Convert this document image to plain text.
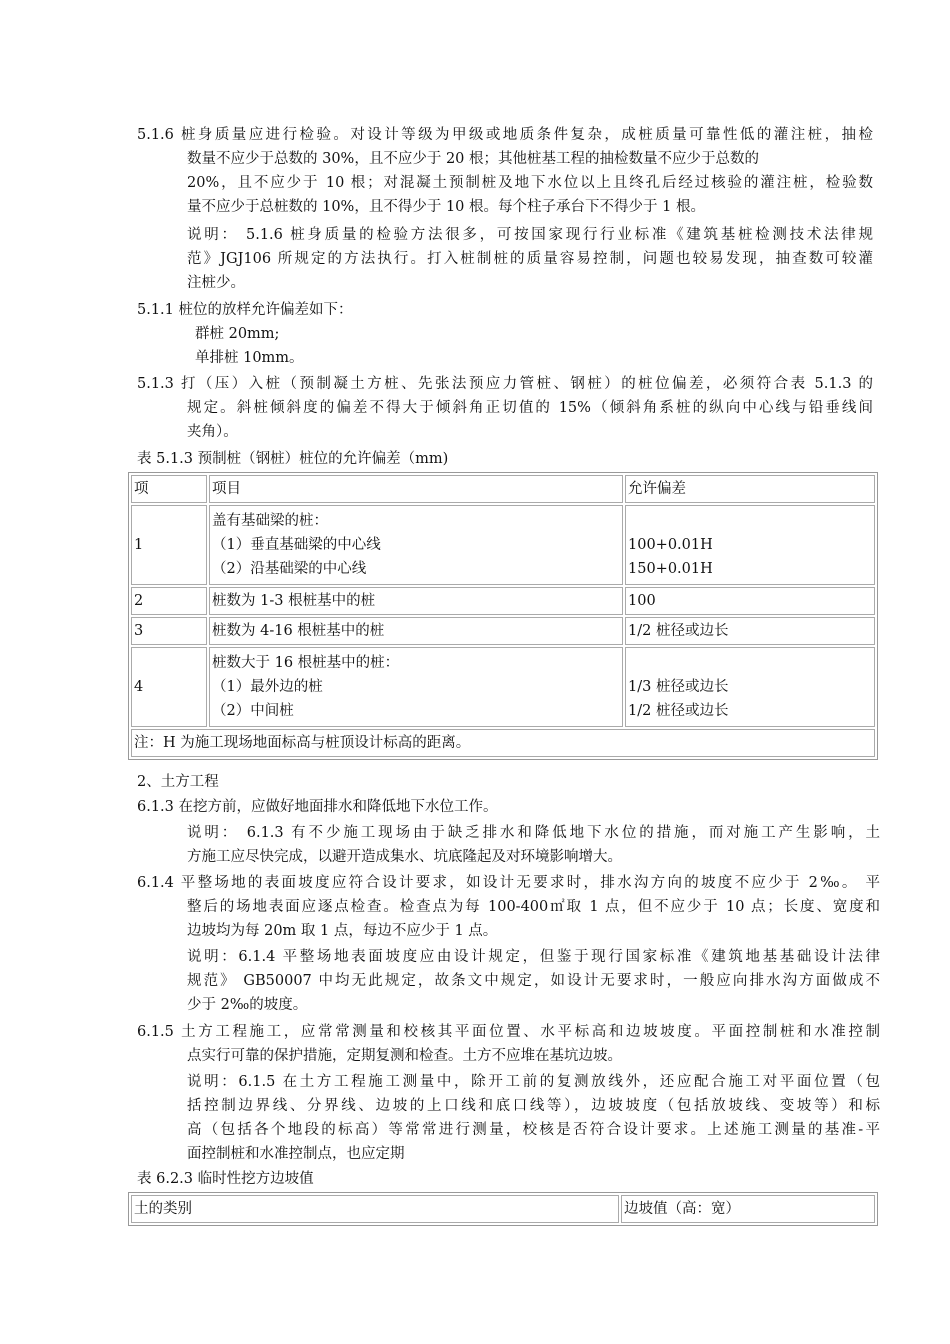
5.1.6 桩身质量应进行检验。对设计等级为甲级或地质条件复杂，成桩质量可靠性低的灌注桩，抽检
数量不应少于总数的 30%，且不应少于 20 根；其他桩基工程的抽检数量不应少于总数的
20%，且不应少于 10 根；对混凝土预制桩及地下水位以上且终孔后经过核验的灌注桩，检验数
量不应少于总桩数的 10%，且不得少于 10 根。每个柱子承台下不得少于 1 根。
说明： 5.1.6 桩身质量的检验方法很多，可按国家现行行业标准《建筑基桩检测技术法律规
范》JGJ106 所规定的方法执行。打入桩制桩的质量容易控制，问题也较易发现，抽查数可较灌
注桩少。
5.1.1 桩位的放样允许偏差如下：
群桩 20mm;
单排桩 10mm。
5.1.3 打（压）入桩（预制凝土方桩、先张法预应力管桩、钢桩）的桩位偏差，必须符合表 5.1.3 的
规定。斜桩倾斜度的偏差不得大于倾斜角正切值的 15%（倾斜角系桩的纵向中心线与铅垂线间
夹角）。
表 5.1.3 预制桩（钢桩）桩位的允许偏差（mm)
项	项目	允许偏差
1	盖有基础梁的桩：
（1）垂直基础梁的中心线
（2）沿基础梁的中心线	100+0.01H
150+0.01H

2	桩数为 1-3 根桩基中的桩	100
3	桩数为 4-16 根桩基中的桩	1/2 桩径或边长
4	桩数大于 16 根桩基中的桩：
（1）最外边的桩
（2）中间桩	1/3 桩径或边长
1/2 桩径或边长

注：H 为施工现场地面标高与桩顶设计标高的距离。		
2、土方工程
6.1.3 在挖方前，应做好地面排水和降低地下水位工作。
说明： 6.1.3 有不少施工现场由于缺乏排水和降低地下水位的措施，而对施工产生影响，土
方施工应尽快完成，以避开造成集水、坑底隆起及对环境影响增大。
6.1.4 平整场地的表面坡度应符合设计要求，如设计无要求时，排水沟方向的坡度不应少于 2‰。 平
整后的场地表面应逐点检查。检查点为每 100-400㎡取 1 点，但不应少于 10 点；长度、宽度和
边坡均为每 20m 取 1 点，每边不应少于 1 点。
说明：6.1.4 平整场地表面坡度应由设计规定，但鉴于现行国家标准《建筑地基基础设计法律
规范》 GB50007 中均无此规定，故条文中规定，如设计无要求时，一般应向排水沟方面做成不
少于 2‰的坡度。
6.1.5 土方工程施工，应常常测量和校核其平面位置、水平标高和边坡坡度。平面控制桩和水准控制
点实行可靠的保护措施，定期复测和检查。土方不应堆在基坑边坡。
说明：6.1.5 在土方工程施工测量中，除开工前的复测放线外，还应配合施工对平面位置（包
括控制边界线、分界线、边坡的上口线和底口线等），边坡坡度（包括放坡线、变坡等）和标
高（包括各个地段的标高）等常常进行测量，校核是否符合设计要求。上述施工测量的基准-平
面控制桩和水准控制点，也应定期
表 6.2.3 临时性挖方边坡值
土的类别	边坡值（高：宽）
